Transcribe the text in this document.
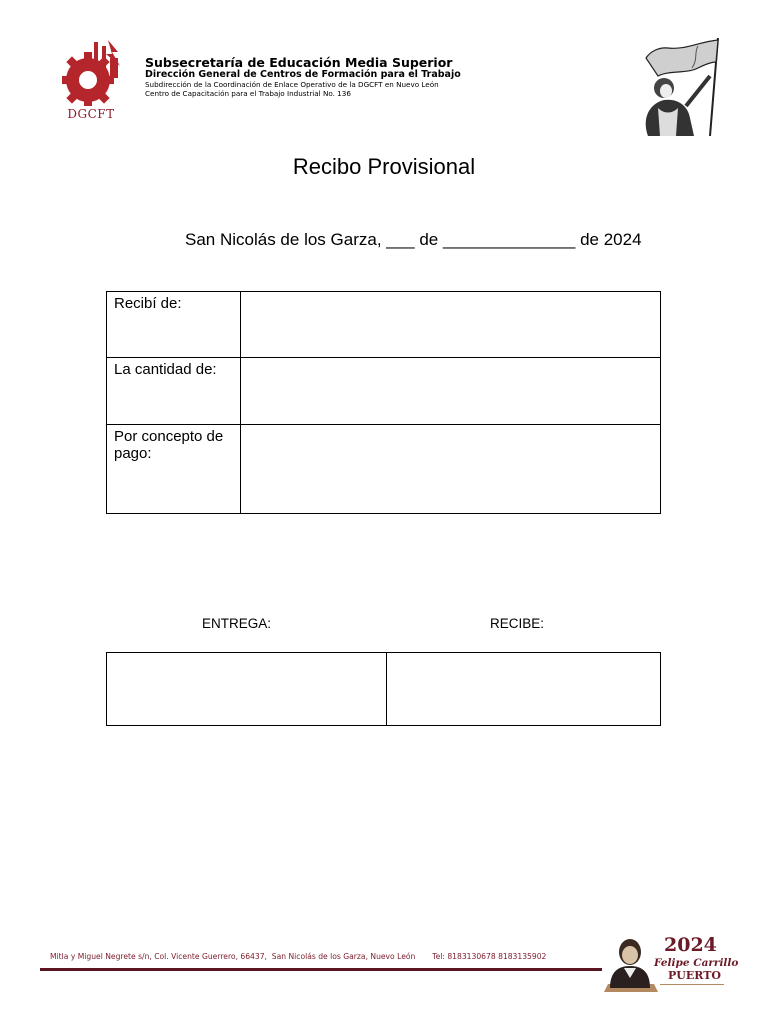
DGCFT
Subsecretaría de Educación Media Superior
Dirección General de Centros de Formación para el Trabajo
Subdirección de la Coordinación de Enlace Operativo de la DGCFT en Nuevo León
Centro de Capacitación para el Trabajo Industrial No. 136
Recibo Provisional
San Nicolás de los Garza, ___ de ______________ de 2024
Recibí de:	
La cantidad de:	
Por concepto de pago:	
ENTREGA:	RECIBE:

Mitla y Miguel Negrete s/n, Col. Vicente Guerrero, 66437,  San Nicolás de los Garza, Nuevo León       Tel: 8183130678 8183135902
2024
Felipe Carrillo
PUERTO
